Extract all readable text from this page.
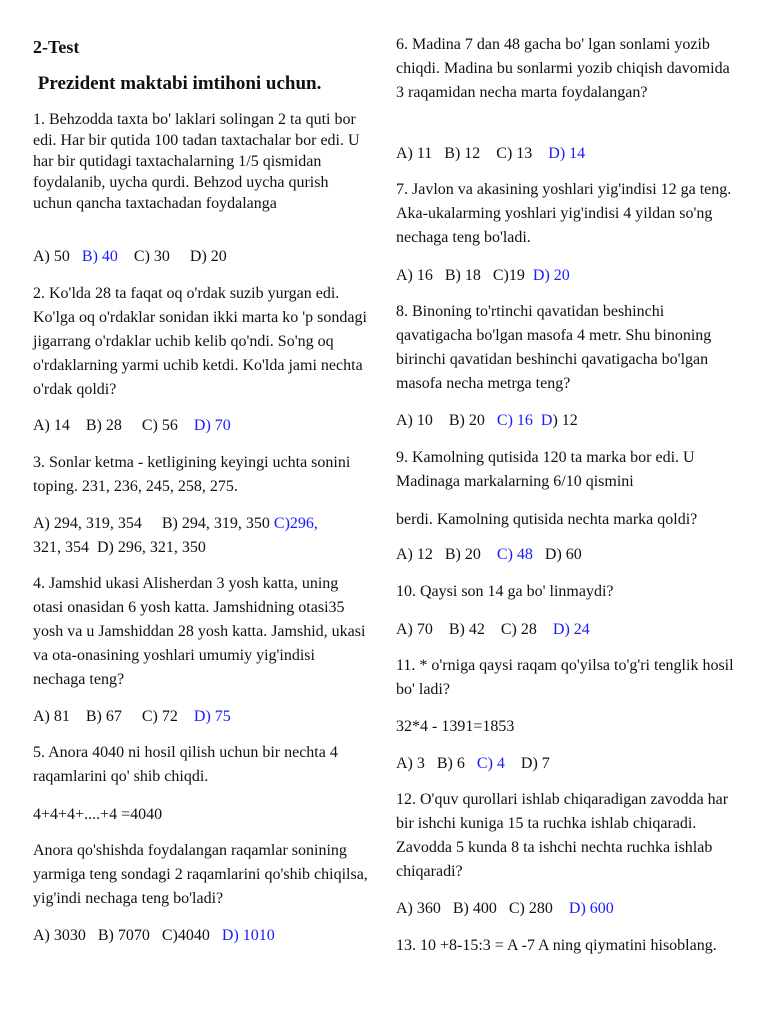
2-Test
Prezident maktabi imtihoni uchun.
1. Behzodda taxta bo' laklari solingan 2 ta quti bor edi. Har bir qutida 100 tadan taxtachalar bor edi. U har bir qutidagi taxtachalarning 1/5 qismidan foydalanib, uycha qurdi. Behzod uycha qurish uchun qancha taxtachadan foydalanga
A) 50   B) 40    C) 30     D) 20
2. Ko'lda 28 ta faqat oq o'rdak suzib yurgan edi. Ko'lga oq o'rdaklar sonidan ikki marta ko 'p sondagi jigarrang o'rdaklar uchib kelib qo'ndi. So'ng oq o'rdaklarning yarmi uchib ketdi. Ko'lda jami nechta o'rdak qoldi?
A) 14    B) 28     C) 56    D) 70
3. Sonlar ketma - ketligining keyingi uchta sonini toping. 231, 236, 245, 258, 275.
A) 294, 319, 354     B) 294, 319, 350 C)296,
321, 354  D) 296, 321, 350
4. Jamshid ukasi Alisherdan 3 yosh katta, uning otasi onasidan 6 yosh katta. Jamshidning otasi35 yosh va u Jamshiddan 28 yosh katta. Jamshid, ukasi va ota-onasining yoshlari umumiy yig'indisi nechaga teng?
A) 81    B) 67     C) 72    D) 75
5. Anora 4040 ni hosil qilish uchun bir nechta 4 raqamlarini qo' shib chiqdi.
4+4+4+....+4 =4040
Anora qo'shishda foydalangan raqamlar sonining yarmiga teng sondagi 2 raqamlarini qo'shib chiqilsa, yig'indi nechaga teng bo'ladi?
A) 3030   B) 7070   C)4040   D) 1010
6. Madina 7 dan 48 gacha bo' lgan sonlami yozib chiqdi. Madina bu sonlarmi yozib chiqish davomida 3 raqamidan necha marta foydalangan?
A) 11   B) 12    C) 13    D) 14
7. Javlon va akasining yoshlari yig'indisi 12 ga teng. Aka-ukalarming yoshlari yig'indisi 4 yildan so'ng nechaga teng bo'ladi.
A) 16   B) 18   C)19  D) 20
8. Binoning to'rtinchi qavatidan beshinchi qavatigacha bo'lgan masofa 4 metr. Shu binoning birinchi qavatidan beshinchi qavatigacha bo'lgan masofa necha metrga teng?
A) 10    B) 20   C) 16  D) 12
9. Kamolning qutisida 120 ta marka bor edi. U Madinaga markalarning 6/10 qismini
berdi. Kamolning qutisida nechta marka qoldi?
A) 12   B) 20    C) 48   D) 60
10. Qaysi son 14 ga bo' linmaydi?
A) 70    B) 42    C) 28    D) 24
11. * o'rniga qaysi raqam qo'yilsa to'g'ri tenglik hosil bo' ladi?
32*4 - 1391=1853
A) 3   B) 6   C) 4    D) 7
12. O'quv qurollari ishlab chiqaradigan zavodda har bir ishchi kuniga 15 ta ruchka ishlab chiqaradi. Zavodda 5 kunda 8 ta ishchi nechta ruchka ishlab chiqaradi?
A) 360   B) 400   C) 280    D) 600
13. 10 +8-15:3 = A -7 A ning qiymatini hisoblang.
